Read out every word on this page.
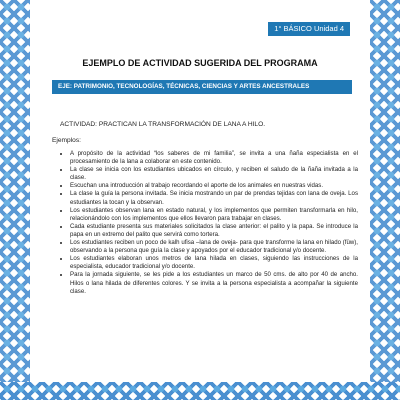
1° BÁSICO Unidad 4
EJEMPLO DE ACTIVIDAD SUGERIDA DEL PROGRAMA
EJE: PATRIMONIO, TECNOLOGÍAS, TÉCNICAS, CIENCIAS Y ARTES ANCESTRALES
ACTIVIDAD: PRACTICAN LA TRANSFORMACIÓN DE LANA A HILO.
Ejemplos:
• A propósito de la actividad “los saberes de mi familia”, se invita a una ñaña especialista en el procesamiento de la lana a colaborar en este contenido.
• La clase se inicia con los estudiantes ubicados en círculo, y reciben el saludo de la ñaña invitada a la clase.
• Escuchan una introducción al trabajo recordando el aporte de los animales en nuestras vidas.
• La clase la guía la persona invitada. Se inicia mostrando un par de prendas tejidas con lana de oveja. Los estudiantes la tocan y la observan.
• Los estudiantes observan lana en estado natural, y los implementos que permiten transformarla en hilo, relacionándolo con los implementos que ellos llevaron para trabajar en clases.
• Cada estudiante presenta sus materiales solicitados la clase anterior: el palito y la papa. Se introduce la papa en un extremo del palito que servirá como tortera.
• Los estudiantes reciben un poco de kalh ufisa –lana de oveja- para que transforme la lana en hilado (füw), observando a la persona que guía la clase y apoyados por el educador tradicional y/o docente.
• Los estudiantes elaboran unos metros de lana hilada en clases, siguiendo las instrucciones de la especialista, educador tradicional y/o docente.
• Para la jornada siguiente, se les pide a los estudiantes un marco de 50 cms. de alto por 40 de ancho. Hilos o lana hilada de diferentes colores. Y se invita a la persona especialista a acompañar la siguiente clase.
